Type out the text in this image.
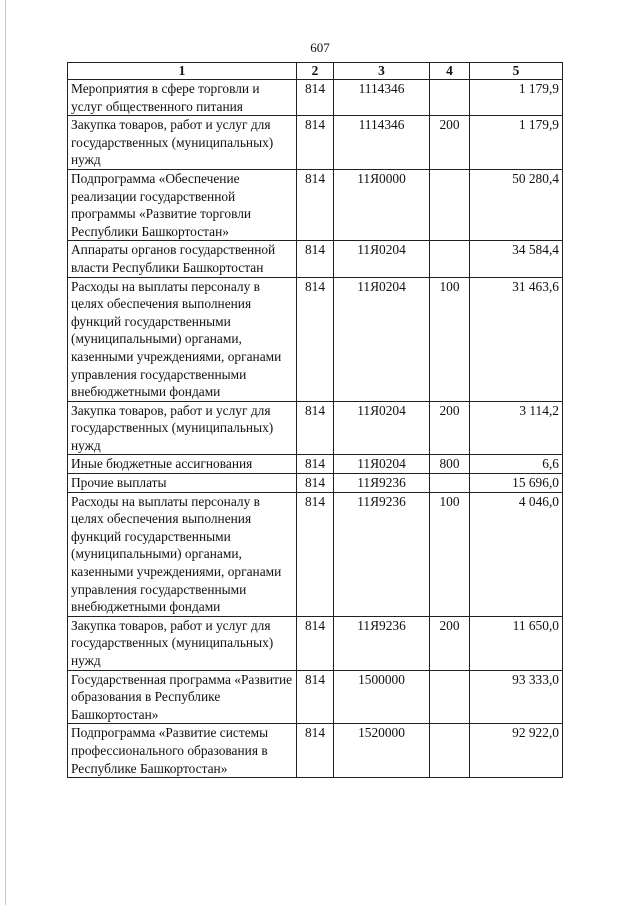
607
1	2	3	4	5
Мероприятия в сфере торговли и услуг общественного питания	814	1114346		1 179,9
Закупка товаров, работ и услуг для государственных (муниципальных) нужд	814	1114346	200	1 179,9
Подпрограмма «Обеспечение реализации государственной программы «Развитие торговли Республики Башкортостан»	814	11Я0000		50 280,4
Аппараты органов государственной власти Республики Башкортостан	814	11Я0204		34 584,4
Расходы на выплаты персоналу в целях обеспечения выполнения функций государственными (муниципальными) органами, казенными учреждениями, органами управления государственными внебюджетными фондами	814	11Я0204	100	31 463,6
Закупка товаров, работ и услуг для государственных (муниципальных) нужд	814	11Я0204	200	3 114,2
Иные бюджетные ассигнования	814	11Я0204	800	6,6
Прочие выплаты	814	11Я9236		15 696,0
Расходы на выплаты персоналу в целях обеспечения выполнения функций государственными (муниципальными) органами, казенными учреждениями, органами управления государственными внебюджетными фондами	814	11Я9236	100	4 046,0
Закупка товаров, работ и услуг для государственных (муниципальных) нужд	814	11Я9236	200	11 650,0
Государственная программа «Развитие образования в Республике Башкортостан»	814	1500000		93 333,0
Подпрограмма «Развитие системы профессионального образования в Республике Башкортостан»	814	1520000		92 922,0
